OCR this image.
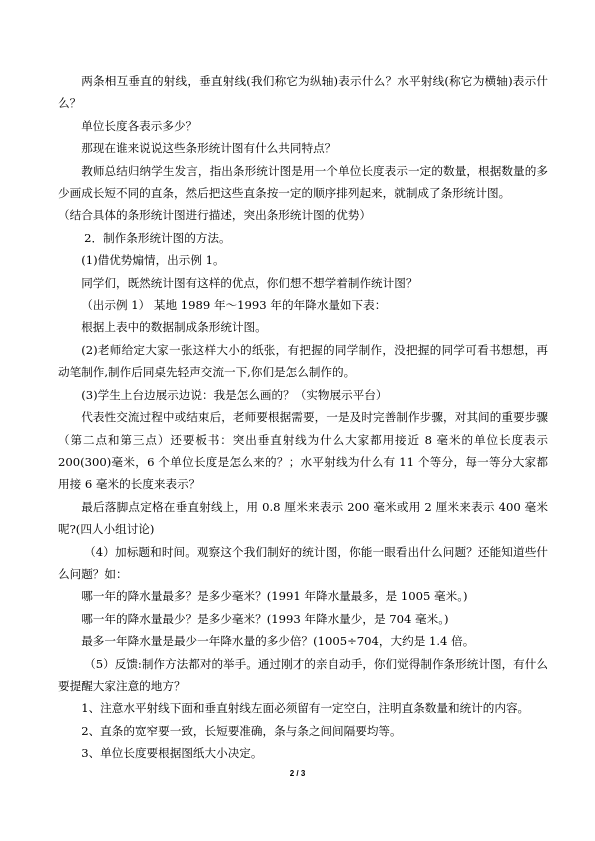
两条相互垂直的射线，垂直射线(我们称它为纵轴)表示什么？水平射线(称它为横轴)表示什么？

单位长度各表示多少？

那现在谁来说说这些条形统计图有什么共同特点？

教师总结归纳学生发言，指出条形统计图是用一个单位长度表示一定的数量，根据数量的多少画成长短不同的直条，然后把这些直条按一定的顺序排列起来，就制成了条形统计图。

（结合具体的条形统计图进行描述，突出条形统计图的优势）

2．制作条形统计图的方法。

(1)借优势煽情，出示例 1。

同学们，既然统计图有这样的优点，你们想不想学着制作统计图？

（出示例 1） 某地 1989 年～1993 年的年降水量如下表：

根据上表中的数据制成条形统计图。

(2)老师给定大家一张这样大小的纸张，有把握的同学制作，没把握的同学可看书想想，再动笔制作,制作后同桌先轻声交流一下,你们是怎么制作的。

(3)学生上台边展示边说：我是怎么画的？（实物展示平台）

代表性交流过程中或结束后，老师要根据需要，一是及时完善制作步骤，对其间的重要步骤（第二点和第三点）还要板书：突出垂直射线为什么大家都用接近 8 毫米的单位长度表示 200(300)毫米，6 个单位长度是怎么来的？；水平射线为什么有 11 个等分，每一等分大家都用接 6 毫米的长度来表示？

最后落脚点定格在垂直射线上，用 0.8 厘米来表示 200 毫米或用 2 厘米来表示 400 毫米呢?(四人小组讨论)

（4）加标题和时间。观察这个我们制好的统计图，你能一眼看出什么问题？还能知道些什么问题？如：

哪一年的降水量最多？是多少毫米？(1991 年降水量最多，是 1005 毫米。)

哪一年的降水量最少？是多少毫米？(1993 年降水量少，是 704 毫米。)

最多一年降水量是最少一年降水量的多少倍？(1005÷704，大约是 1.4 倍。

（5）反馈:制作方法都对的举手。通过刚才的亲自动手，你们觉得制作条形统计图，有什么要提醒大家注意的地方？

1、注意水平射线下面和垂直射线左面必须留有一定空白，注明直条数量和统计的内容。

2、直条的宽窄要一致，长短要准确，条与条之间间隔要均等。

3、单位长度要根据图纸大小决定。

2 / 3
